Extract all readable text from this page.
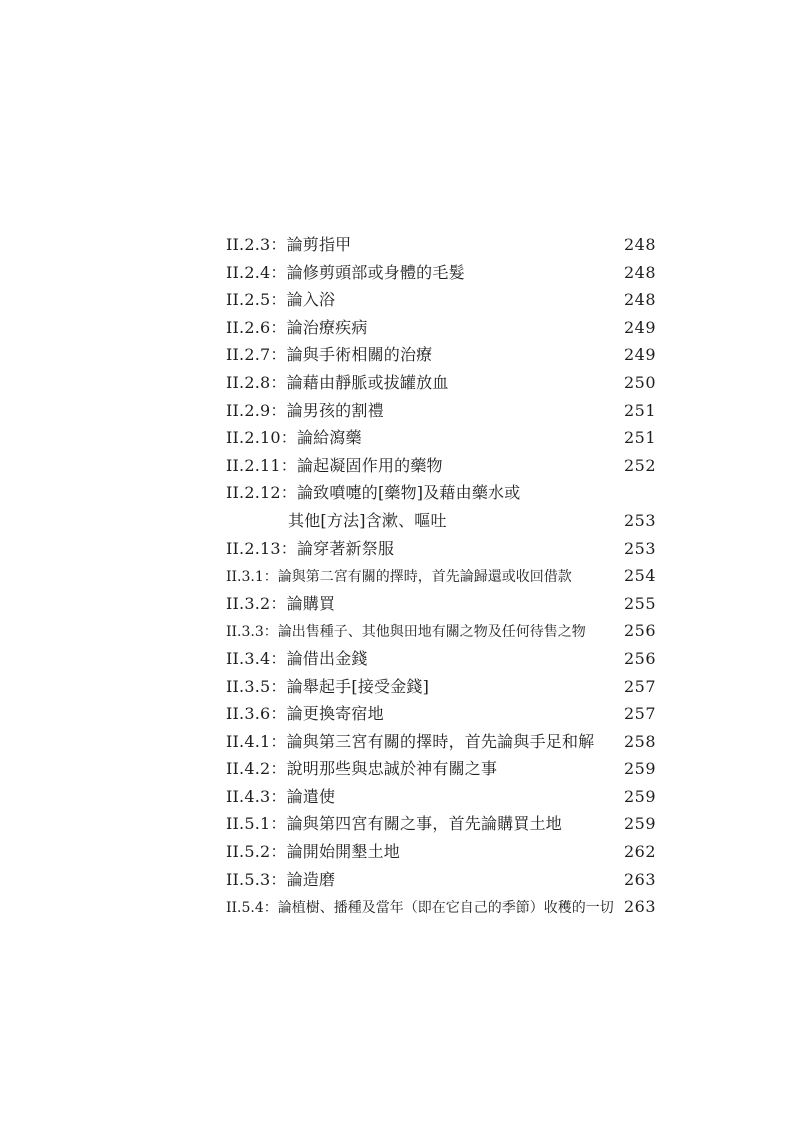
II.2.3：論剪指甲	248
II.2.4：論修剪頭部或身體的毛髮	248
II.2.5：論入浴	248
II.2.6：論治療疾病	249
II.2.7：論與手術相關的治療	249
II.2.8：論藉由靜脈或拔罐放血	250
II.2.9：論男孩的割禮	251
II.2.10：論給瀉藥	251
II.2.11：論起凝固作用的藥物	252
II.2.12：論致噴嚏的[藥物]及藉由藥水或
其他[方法]含漱、嘔吐	253
II.2.13：論穿著新祭服	253
II.3.1：論與第二宮有關的擇時，首先論歸還或收回借款	254
II.3.2：論購買	255
II.3.3：論出售種子、其他與田地有關之物及任何待售之物	256
II.3.4：論借出金錢	256
II.3.5：論舉起手[接受金錢]	257
II.3.6：論更換寄宿地	257
II.4.1：論與第三宮有關的擇時，首先論與手足和解	258
II.4.2：說明那些與忠誠於神有關之事	259
II.4.3：論遣使	259
II.5.1：論與第四宮有關之事，首先論購買土地	259
II.5.2：論開始開墾土地	262
II.5.3：論造磨	263
II.5.4：論植樹、播種及當年（即在它自己的季節）收穫的一切 263
